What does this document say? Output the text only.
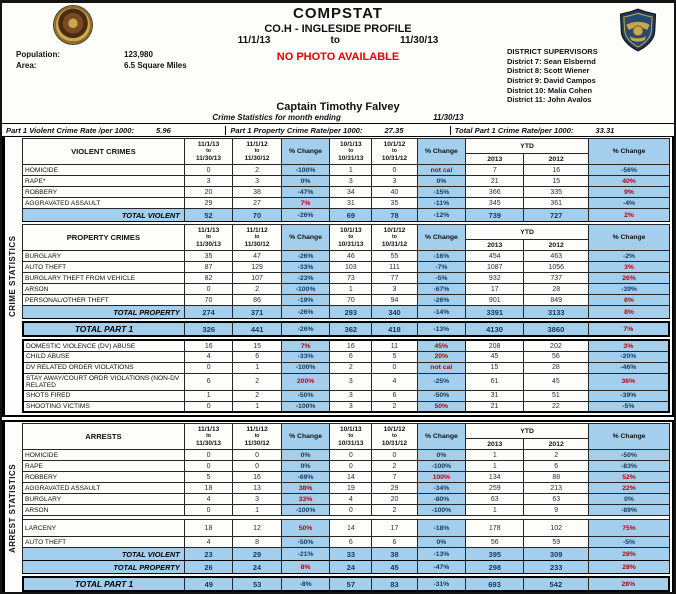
COMPSTAT
CO.H - INGLESIDE PROFILE
11/1/13	to	11/30/13
Population:	123,980
Area:	6.5 Square Miles
NO PHOTO AVAILABLE	DISTRICT SUPERVISORS
District 7: Sean Elsbernd
District 8: Scott Wiener
District 9: David Campos
District 10: Malia Cohen
District 11: John Avalos
Captain Timothy Falvey
Crime Statistics for month ending	11/30/13
Part 1 Violent Crime Rate /per 1000:	5.96	Part 1 Property Crime Rate/per 1000:	27.35	Total Part 1 Crime Rate/per 1000:	33.31
CRIME STATISTICS
VIOLENT CRIMES	11/1/13
to
11/30/13	11/1/12
to
11/30/12	% Change	10/1/13
to
10/31/13	10/1/12
to
10/31/12	% Change	YTD		% Change
							2013	2012	
HOMICIDE	0	2	-100%	1	0	not cal	7	16	-56%
RAPE*	3	3	0%	3	3	0%	21	15	40%
ROBBERY	20	38	-47%	34	40	-15%	366	335	9%
AGGRAVATED ASSAULT	29	27	7%	31	35	-11%	345	361	-4%
TOTAL VIOLENT	52	70	-26%	69	78	-12%	739	727	2%
PROPERTY CRIMES	11/1/13
to
11/30/13	11/1/12
to
11/30/12	% Change	10/1/13
to
10/31/13	10/1/12
to
10/31/12	% Change	YTD		% Change
							2013	2012	
BURGLARY	35	47	-26%	46	55	-16%	454	463	-2%
AUTO THEFT	87	129	-33%	103	111	-7%	1087	1056	3%
BURGLARY THEFT FROM VEHICLE	82	107	-23%	73	77	-5%	932	737	26%
ARSON	0	2	-100%	1	3	-67%	17	28	-39%
PERSONAL/OTHER THEFT	70	86	-19%	70	94	-26%	901	849	6%
TOTAL PROPERTY	274	371	-26%	293	340	-14%	3391	3133	8%
TOTAL PART 1	326	441	-26%	362	418	-13%	4130	3860	7%
DOMESTIC VIOLENCE (DV) ABUSE	16	15	7%	16	11	45%	208	202	3%
CHILD ABUSE	4	6	-33%	6	5	20%	45	56	-20%
DV RELATED ORDER VIOLATIONS	0	1	-100%	2	0	not cal	15	28	-46%
STAY AWAY/COURT ORDR VIOLATIONS (NON-DV RELATED	6	2	200%	3	4	-25%	61	45	36%
SHOTS FIRED	1	2	-50%	3	6	-50%	31	51	-39%
SHOOTING VICTIMS	0	1	-100%	3	2	50%	21	22	-5%
ARREST STATISTICS
ARRESTS	11/1/13
to
11/30/13	11/1/12
to
11/30/12	% Change	10/1/13
to
10/31/13	10/1/12
to
10/31/12	% Change	YTD		% Change
							2013	2012	
HOMICIDE	0	0	0%	0	0	0%	1	2	-50%
RAPE	0	0	0%	0	2	-100%	1	6	-83%
ROBBERY	5	16	-69%	14	7	100%	134	88	52%
AGGRAVATED ASSAULT	18	13	38%	19	29	-34%	259	213	22%
BURGLARY	4	3	33%	4	20	-80%	63	63	0%
ARSON	0	1	-100%	0	2	-100%	1	9	-89%

LARCENY	18	12	50%	14	17	-18%	178	102	75%
AUTO THEFT	4	8	-50%	6	6	0%	56	59	-5%
TOTAL VIOLENT	23	29	-21%	33	38	-13%	395	309	28%
TOTAL PROPERTY	26	24	8%	24	45	-47%	298	233	28%
TOTAL PART 1	49	53	-8%	57	83	-31%	693	542	28%
